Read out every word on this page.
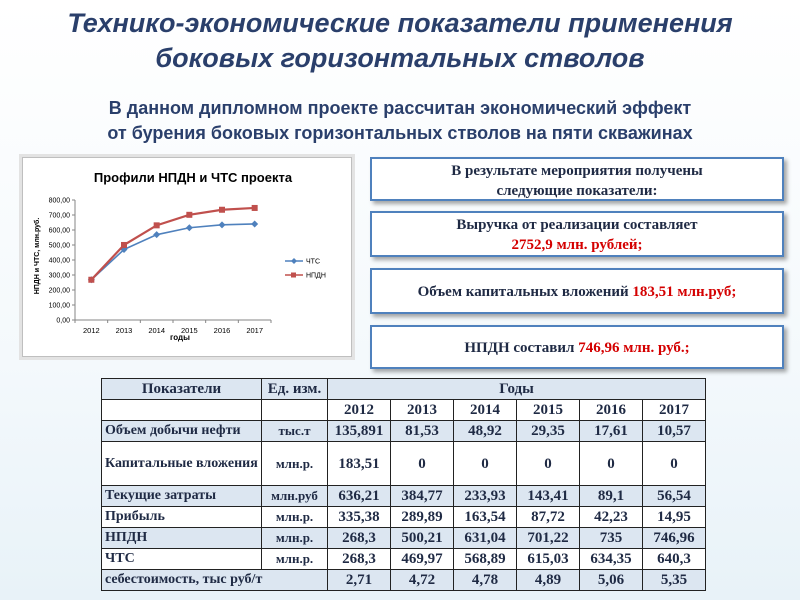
Технико-экономические показатели применения
боковых горизонтальных стволов
В данном дипломном проекте рассчитан экономический эффект
от бурения боковых горизонтальных стволов на пяти скважинах
Профили НПДН и ЧТС проекта
НПДН и ЧТС, млн.руб.
годы
0,00
100,00
200,00
300,00
400,00
500,00
600,00
700,00
800,00
2012 2013 2014 2015 2016 2017
ЧТС
НПДН
В результате мероприятия получены
следующие показатели:
Выручка от реализации составляет
2752,9 млн. рублей;
Объем капитальных вложений 183,51 млн.руб;
НПДН составил 746,96 млн. руб.;
Показатели	Ед. изм.	Годы					
		2012	2013	2014	2015	2016	2017
Объем добычи нефти	тыс.т	135,891	81,53	48,92	29,35	17,61	10,57
Капитальные вложения	млн.р.	183,51	0	0	0	0	0
Текущие затраты	млн.руб	636,21	384,77	233,93	143,41	89,1	56,54
Прибыль	млн.р.	335,38	289,89	163,54	87,72	42,23	14,95
НПДН	млн.р.	268,3	500,21	631,04	701,22	735	746,96
ЧТС	млн.р.	268,3	469,97	568,89	615,03	634,35	640,3
себестоимость, тыс руб/т		2,71	4,72	4,78	4,89	5,06	5,35
